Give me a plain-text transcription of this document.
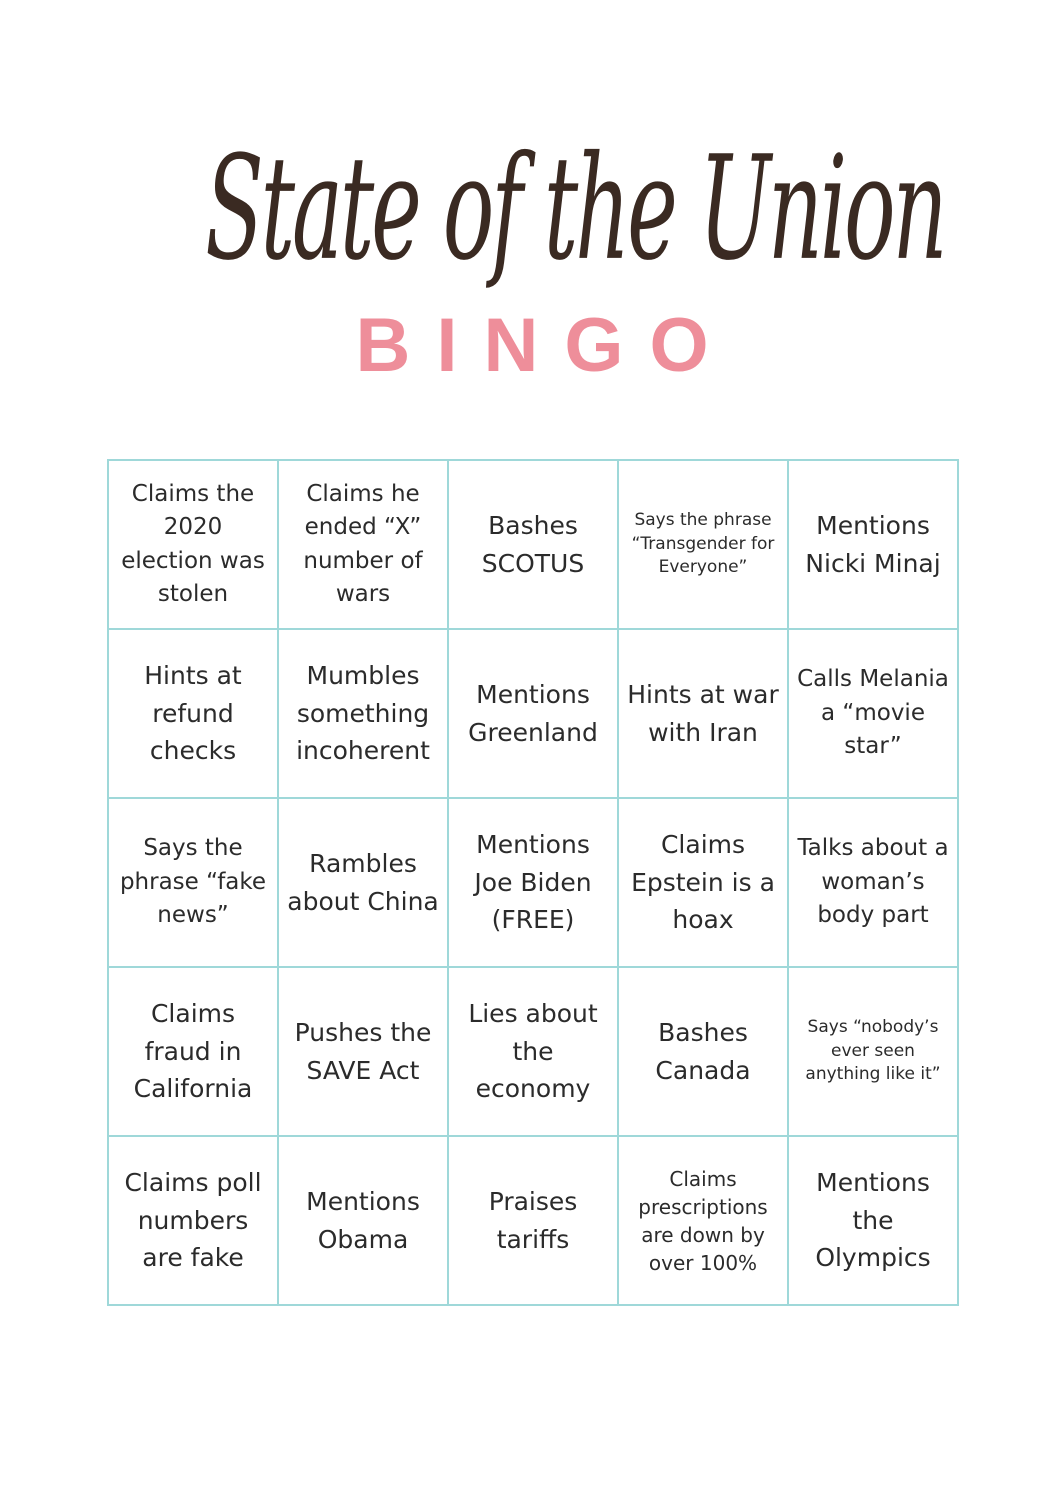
State of the Union
BINGO
Claims the 2020 election was stolen
Claims he ended “X” number of wars
Bashes SCOTUS
Says the phrase “Transgender for Everyone”
Mentions Nicki Minaj
Hints at refund checks
Mumbles something incoherent
Mentions Greenland
Hints at war with Iran
Calls Melania a “movie star”
Says the phrase “fake news”
Rambles about China
Mentions Joe Biden (FREE)
Claims Epstein is a hoax
Talks about a woman’s body part
Claims fraud in California
Pushes the SAVE Act
Lies about the economy
Bashes Canada
Says “nobody’s ever seen anything like it”
Claims poll numbers are fake
Mentions Obama
Praises tariffs
Claims prescriptions are down by over 100%
Mentions the Olympics
